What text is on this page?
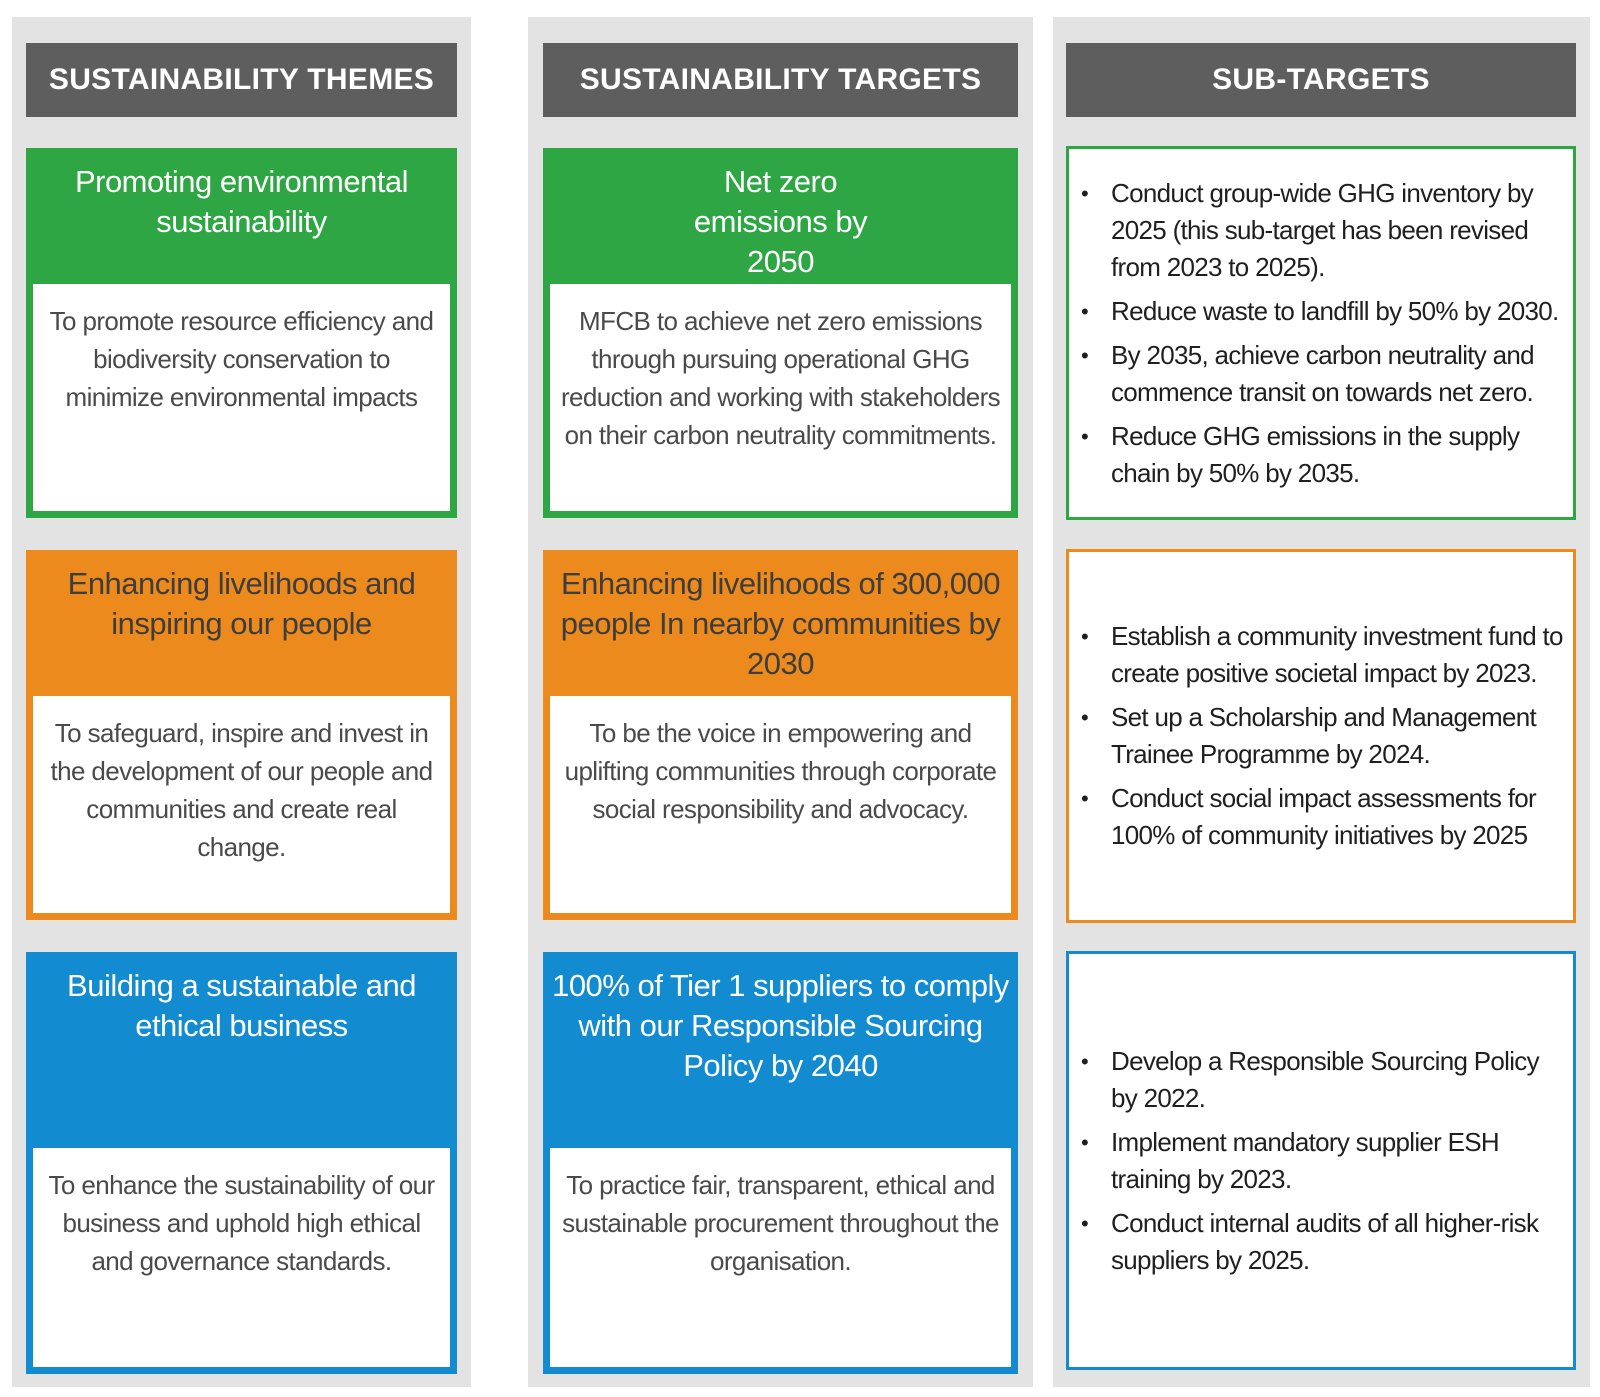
SUSTAINABILITY THEMES	SUSTAINABILITY TARGETS	SUB-TARGETS
Promoting environmental sustainability
To promote resource efficiency and biodiversity conservation to minimize environmental impacts
Net zero emissions by 2050
MFCB to achieve net zero emissions through pursuing operational GHG reduction and working with stakeholders on their carbon neutrality commitments.
• Conduct group-wide GHG inventory by 2025 (this sub-target has been revised from 2023 to 2025).
• Reduce waste to landfill by 50% by 2030.
• By 2035, achieve carbon neutrality and commence transit on towards net zero.
• Reduce GHG emissions in the supply chain by 50% by 2035.
Enhancing livelihoods and inspiring our people
To safeguard, inspire and invest in the development of our people and communities and create real change.
Enhancing livelihoods of 300,000 people In nearby communities by 2030
To be the voice in empowering and uplifting communities through corporate social responsibility and advocacy.
• Establish a community investment fund to create positive societal impact by 2023.
• Set up a Scholarship and Management Trainee Programme by 2024.
• Conduct social impact assessments for 100% of community initiatives by 2025
Building a sustainable and ethical business
To enhance the sustainability of our business and uphold high ethical and governance standards.
100% of Tier 1 suppliers to comply with our Responsible Sourcing Policy by 2040
To practice fair, transparent, ethical and sustainable procurement throughout the organisation.
• Develop a Responsible Sourcing Policy by 2022.
• Implement mandatory supplier ESH training by 2023.
• Conduct internal audits of all higher-risk suppliers by 2025.
